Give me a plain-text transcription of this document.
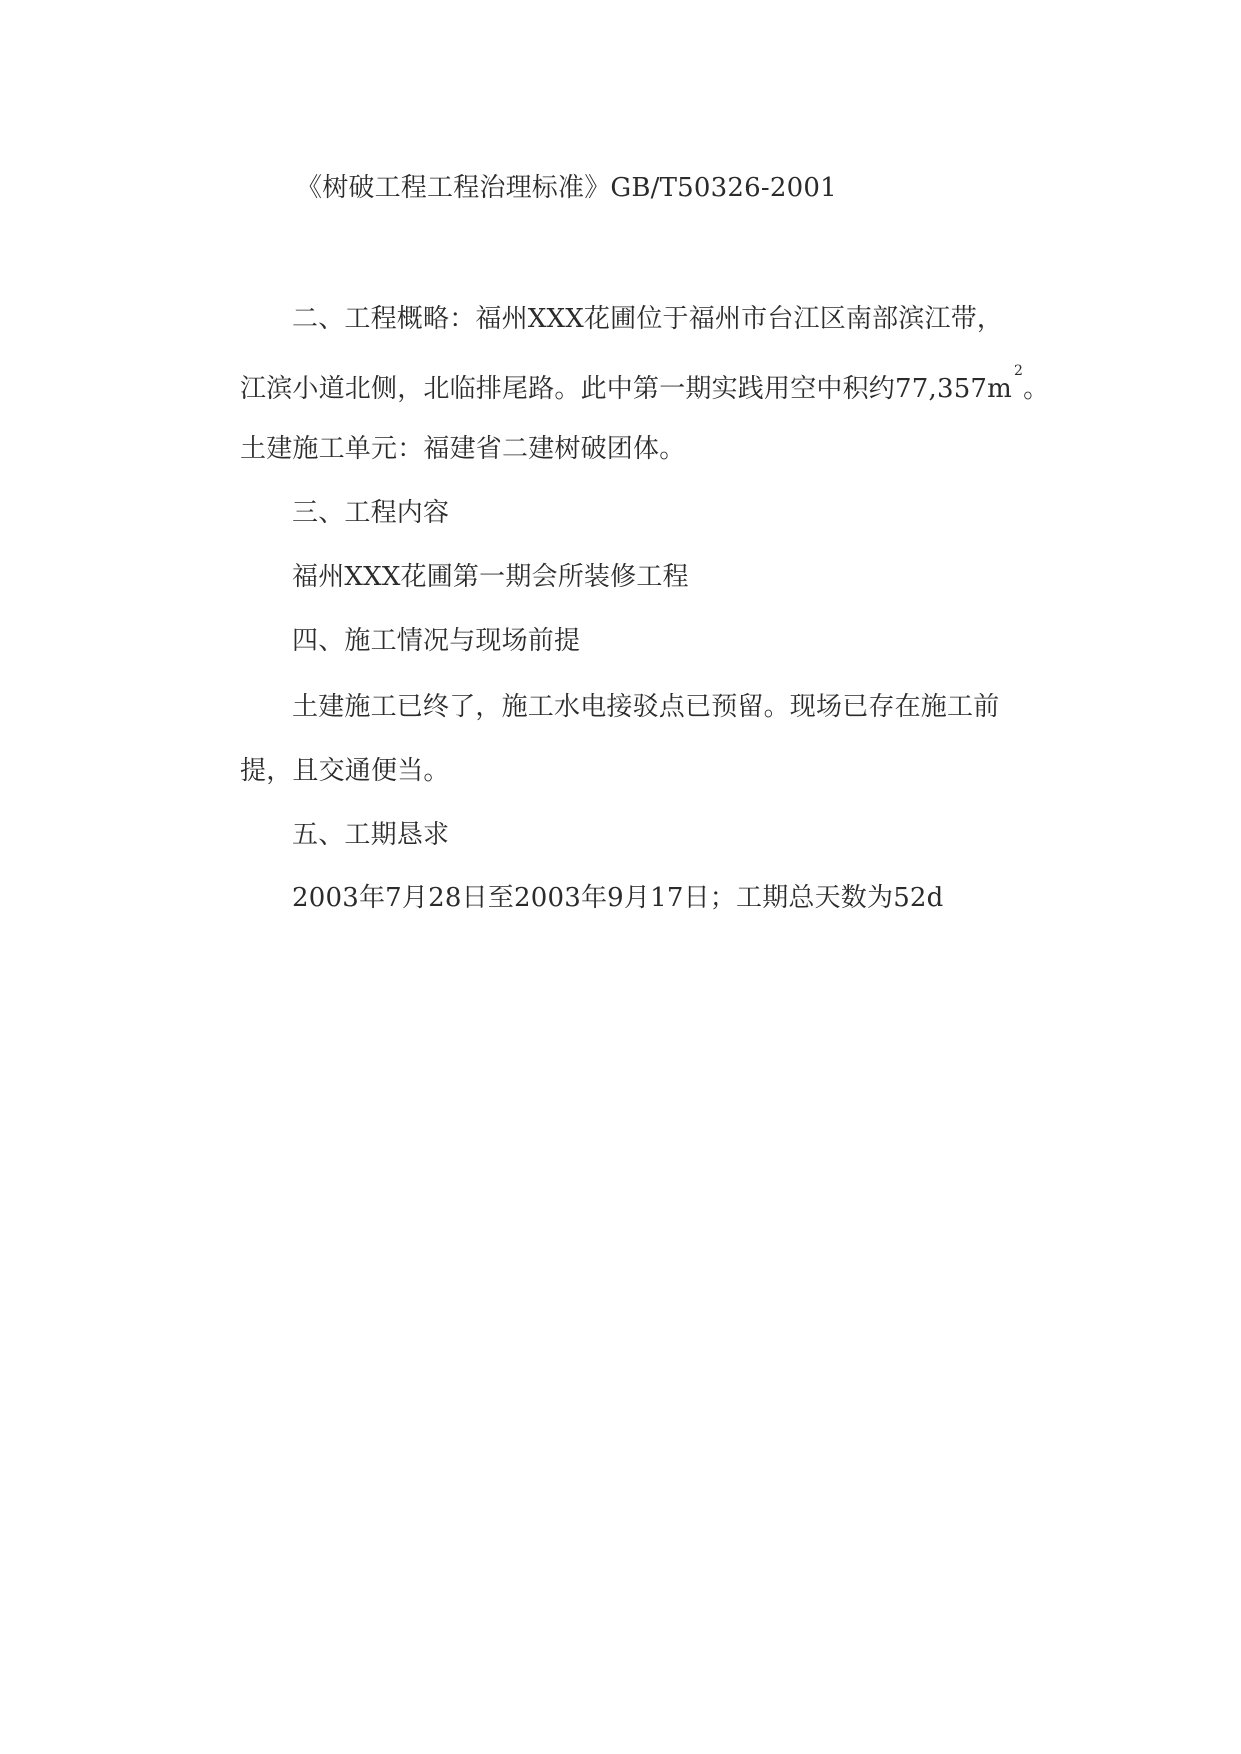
《树破工程工程治理标准》GB/T50326-2001
二、工程概略：福州XXX花圃位于福州市台江区南部滨江带，
江滨小道北侧，北临排尾路。此中第一期实践用空中积约$77,357m^2$。
土建施工单元：福建省二建树破团体。
三、工程内容
福州XXX花圃第一期会所装修工程
四、施工情况与现场前提
土建施工已终了，施工水电接驳点已预留。现场已存在施工前
提，且交通便当。
五、工期恳求
2003年7月28日至2003年9月17日；工期总天数为52d
